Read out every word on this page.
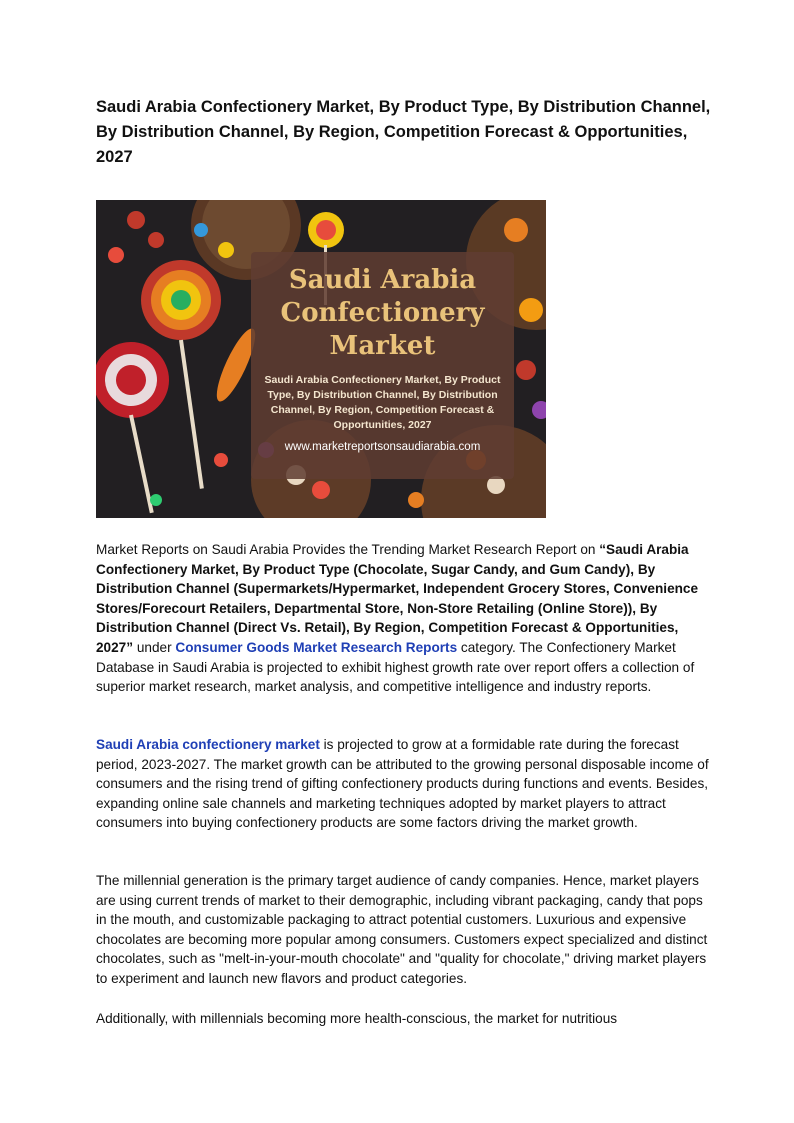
Saudi Arabia Confectionery Market, By Product Type, By Distribution Channel, By Distribution Channel, By Region, Competition Forecast & Opportunities, 2027
Saudi Arabia
Confectionery
Market
Saudi Arabia Confectionery Market, By Product Type, By Distribution Channel, By Distribution Channel, By Region, Competition Forecast & Opportunities, 2027
www.marketreportsonsaudiarabia.com

Market Reports on Saudi Arabia Provides the Trending Market Research Report on “Saudi Arabia Confectionery Market, By Product Type (Chocolate, Sugar Candy, and Gum Candy), By Distribution Channel (Supermarkets/Hypermarket, Independent Grocery Stores, Convenience Stores/Forecourt Retailers, Departmental Store, Non-Store Retailing (Online Store)), By Distribution Channel (Direct Vs. Retail), By Region, Competition Forecast & Opportunities, 2027” under Consumer Goods Market Research Reports category. The Confectionery Market Database in Saudi Arabia is projected to exhibit highest growth rate over report offers a collection of superior market research, market analysis, and competitive intelligence and industry reports.

Saudi Arabia confectionery market is projected to grow at a formidable rate during the forecast period, 2023-2027. The market growth can be attributed to the growing personal disposable income of consumers and the rising trend of gifting confectionery products during functions and events. Besides, expanding online sale channels and marketing techniques adopted by market players to attract consumers into buying confectionery products are some factors driving the market growth.

The millennial generation is the primary target audience of candy companies. Hence, market players are using current trends of market to their demographic, including vibrant packaging, candy that pops in the mouth, and customizable packaging to attract potential customers. Luxurious and expensive chocolates are becoming more popular among consumers. Customers expect specialized and distinct chocolates, such as "melt-in-your-mouth chocolate" and "quality for chocolate," driving market players to experiment and launch new flavors and product categories.

Additionally, with millennials becoming more health-conscious, the market for nutritious
